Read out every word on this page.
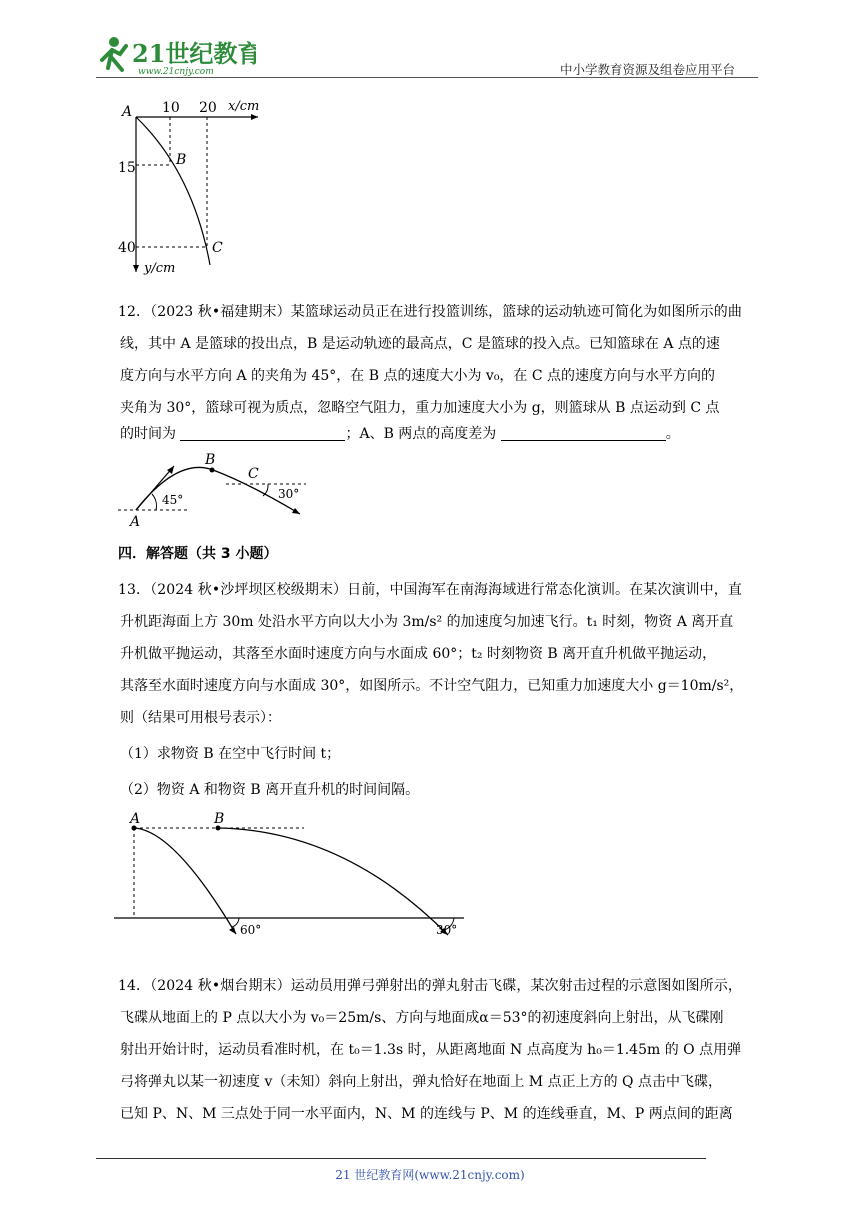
21世纪教育
www.21cnjy.com	中小学教育资源及组卷应用平台
A 10 20 x/cm
15
40
y/cm
B
C
12．（2023 秋•福建期末）某篮球运动员正在进行投篮训练，篮球的运动轨迹可简化为如图所示的曲
线，其中 A 是篮球的投出点，B 是运动轨迹的最高点，C 是篮球的投入点。已知篮球在 A 点的速
度方向与水平方向 A 的夹角为 45°，在 B 点的速度大小为 v₀，在 C 点的速度方向与水平方向的
夹角为 30°，篮球可视为质点，忽略空气阻力，重力加速度大小为 g，则篮球从 B 点运动到 C 点
的时间为	；A、B 两点的高度差为	。
A
B
C
45°	30°
四．解答题（共 3 小题）
13．（2024 秋•沙坪坝区校级期末）日前，中国海军在南海海域进行常态化演训。在某次演训中，直
升机距海面上方 30m 处沿水平方向以大小为 3m/s² 的加速度匀加速飞行。t₁ 时刻，物资 A 离开直
升机做平抛运动，其落至水面时速度方向与水面成 60°；t₂ 时刻物资 B 离开直升机做平抛运动，
其落至水面时速度方向与水面成 30°，如图所示。不计空气阻力，已知重力加速度大小 g＝10m/s²，
则（结果可用根号表示）：
（1）求物资 B 在空中飞行时间 t；
（2）物资 A 和物资 B 离开直升机的时间间隔。
A	B
60°	30°
14．（2024 秋•烟台期末）运动员用弹弓弹射出的弹丸射击飞碟，某次射击过程的示意图如图所示，
飞碟从地面上的 P 点以大小为 v₀＝25m/s、方向与地面成α＝53°的初速度斜向上射出，从飞碟刚
射出开始计时，运动员看准时机，在 t₀＝1.3s 时，从距离地面 N 点高度为 h₀＝1.45m 的 O 点用弹
弓将弹丸以某一初速度 v（未知）斜向上射出，弹丸恰好在地面上 M 点正上方的 Q 点击中飞碟，
已知 P、N、M 三点处于同一水平面内，N、M 的连线与 P、M 的连线垂直，M、P 两点间的距离
21 世纪教育网(www.21cnjy.com)
